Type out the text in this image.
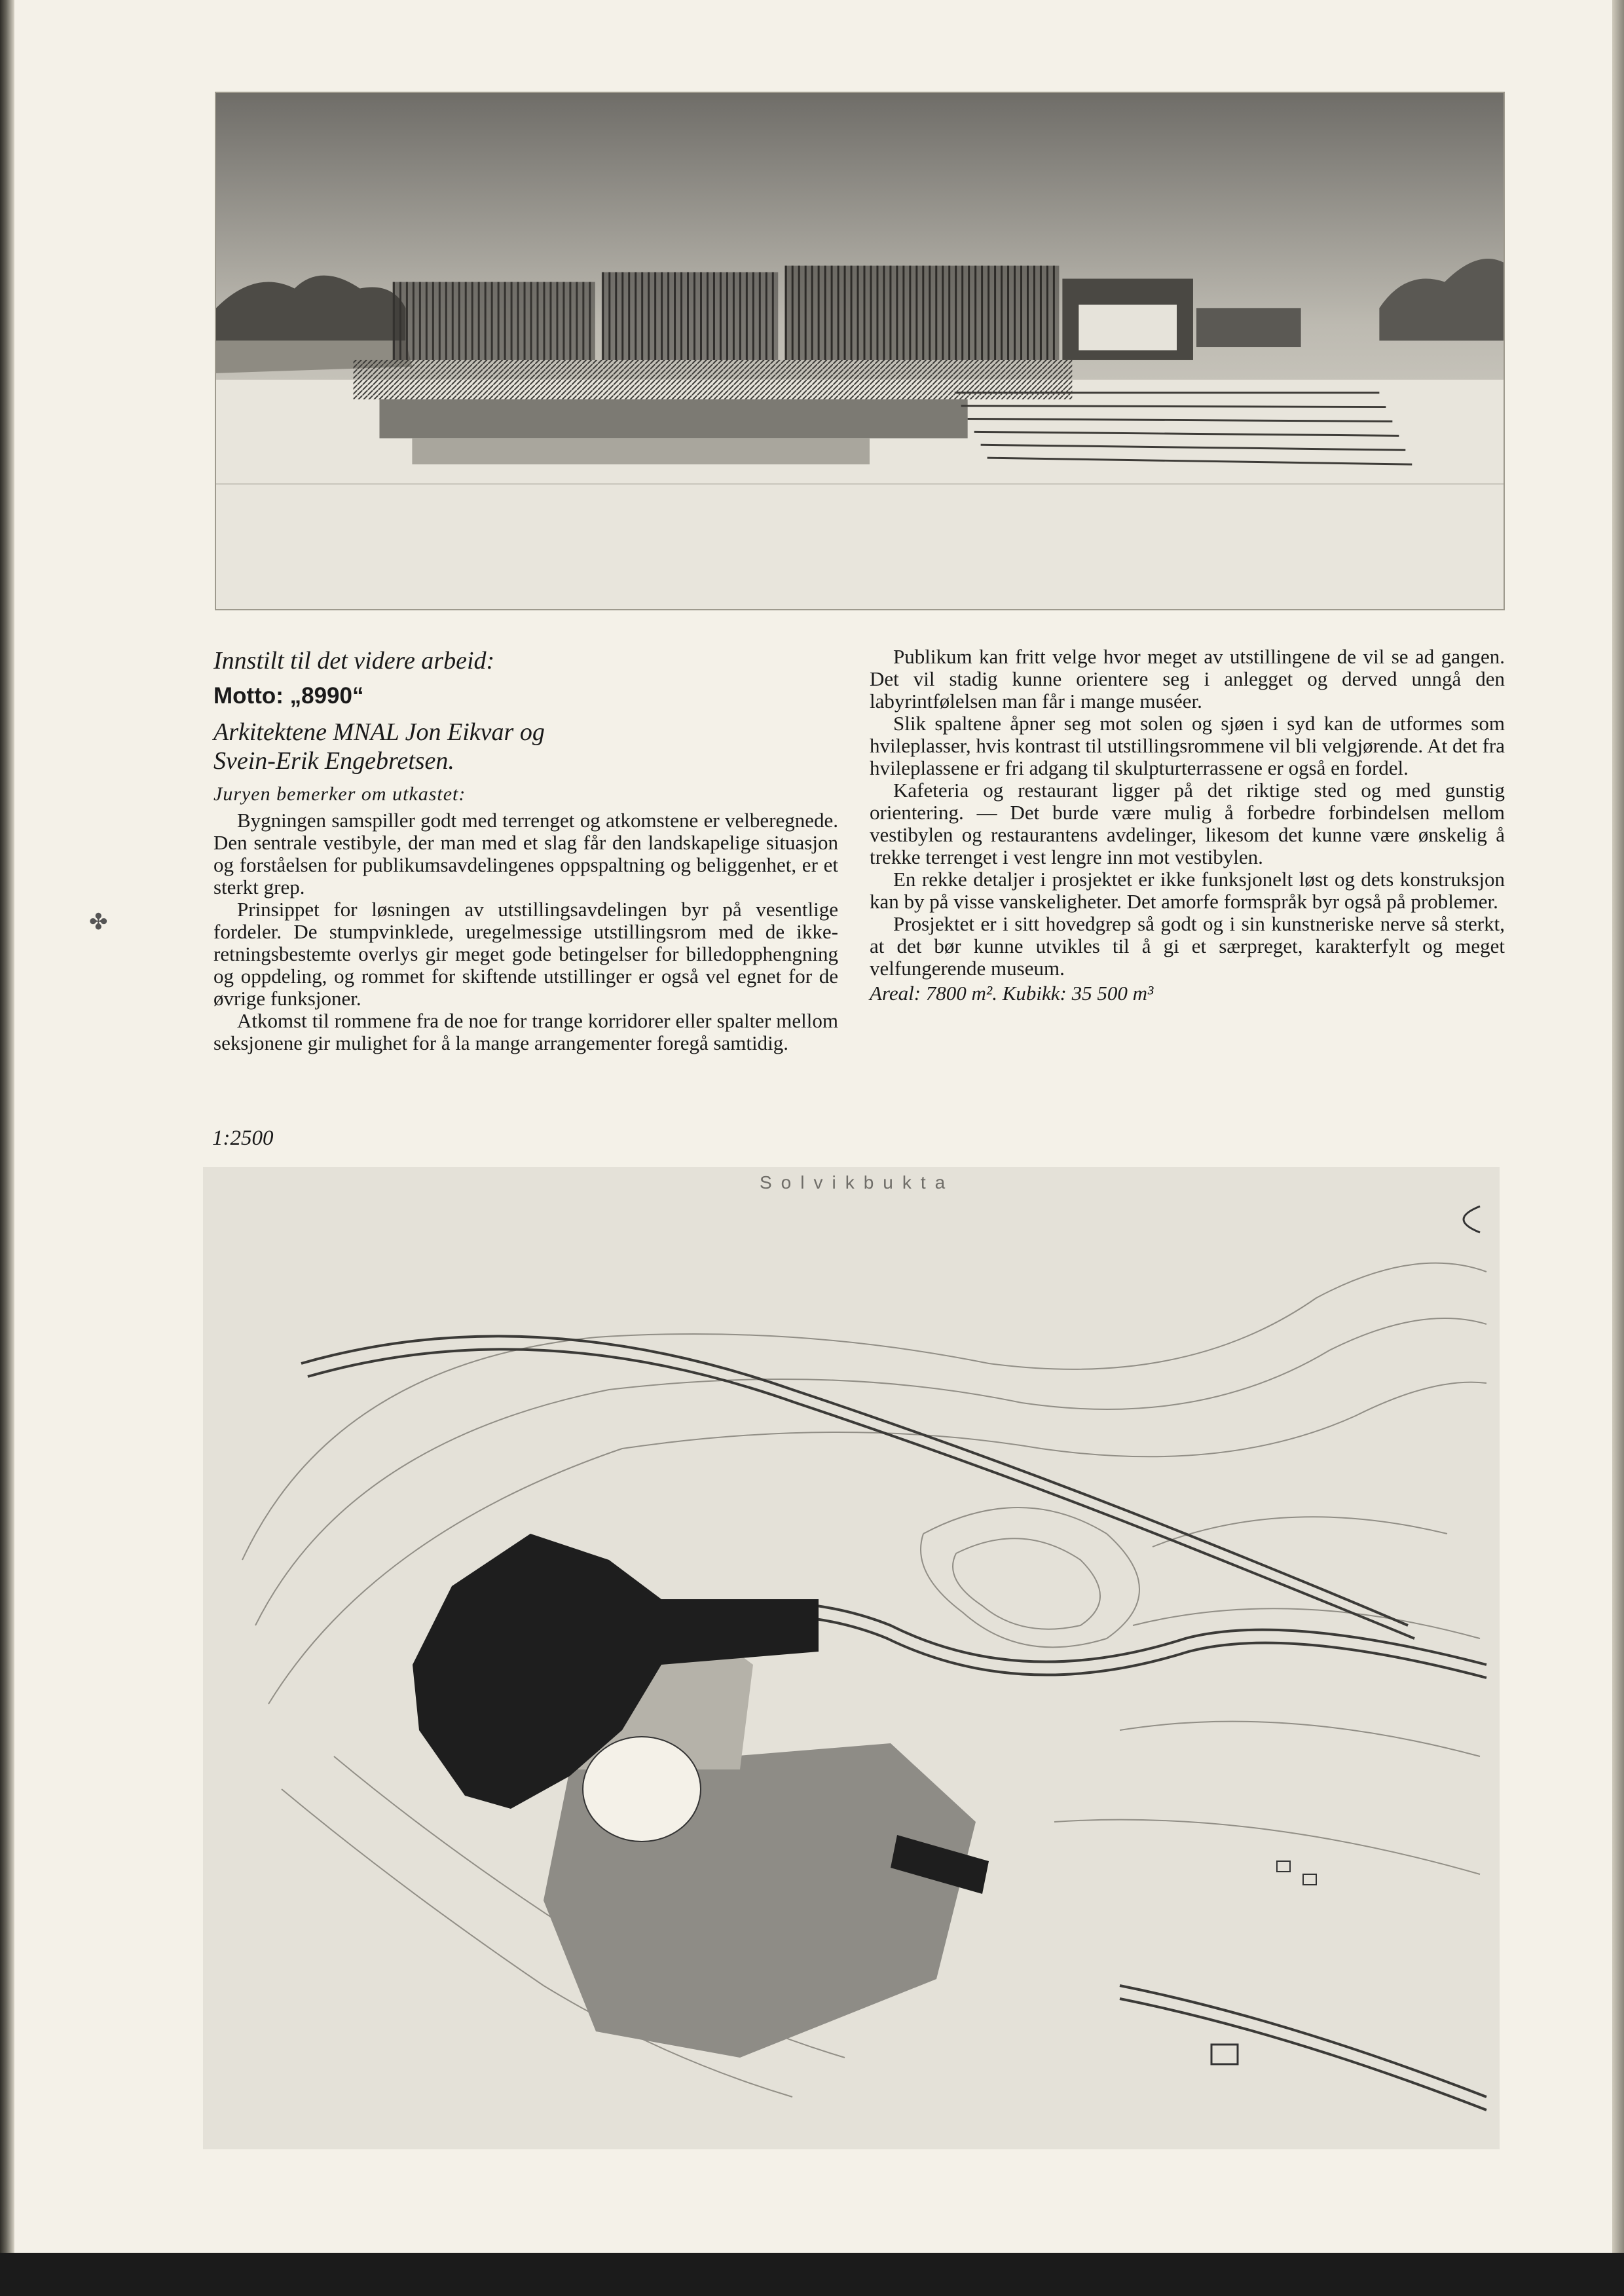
✤
Innstilt til det videre arbeid:
Motto: „8990“
Arkitektene MNAL Jon Eikvar og
Svein-Erik Engebretsen.
Juryen bemerker om utkastet:

Bygningen samspiller godt med terrenget og atkomstene er velberegnede. Den sentrale vestibyle, der man med et slag får den landskapelige situasjon og forståelsen for publikumsavdelingenes oppspaltning og beliggenhet, er et sterkt grep.

Prinsippet for løsningen av utstillingsavdelingen byr på vesentlige fordeler. De stumpvinklede, uregelmessige utstillingsrom med de ikke-retningsbestemte overlys gir meget gode betingelser for billedopphengning og oppdeling, og rommet for skiftende utstillinger er også vel egnet for de øvrige funksjoner.

Atkomst til rommene fra de noe for trange korridorer eller spalter mellom seksjonene gir mulighet for å la mange arrangementer foregå samtidig.

Publikum kan fritt velge hvor meget av utstillingene de vil se ad gangen. Det vil stadig kunne orientere seg i anlegget og derved unngå den labyrintfølelsen man får i mange muséer.

Slik spaltene åpner seg mot solen og sjøen i syd kan de utformes som hvileplasser, hvis kontrast til utstillingsrommene vil bli velgjørende. At det fra hvileplassene er fri adgang til skulpturterrassene er også en fordel.

Kafeteria og restaurant ligger på det riktige sted og med gunstig orientering. — Det burde være mulig å forbedre forbindelsen mellom vestibylen og restaurantens avdelinger, likesom det kunne være ønskelig å trekke terrenget i vest lengre inn mot vestibylen.

En rekke detaljer i prosjektet er ikke funksjonelt løst og dets konstruksjon kan by på visse vanskeligheter. Det amorfe formspråk byr også på problemer.

Prosjektet er i sitt hovedgrep så godt og i sin kunstneriske nerve så sterkt, at det bør kunne utvikles til å gi et særpreget, karakterfylt og meget velfungerende museum.

Areal: 7800 m². Kubikk: 35 500 m³

1:2500
Solvikbukta
